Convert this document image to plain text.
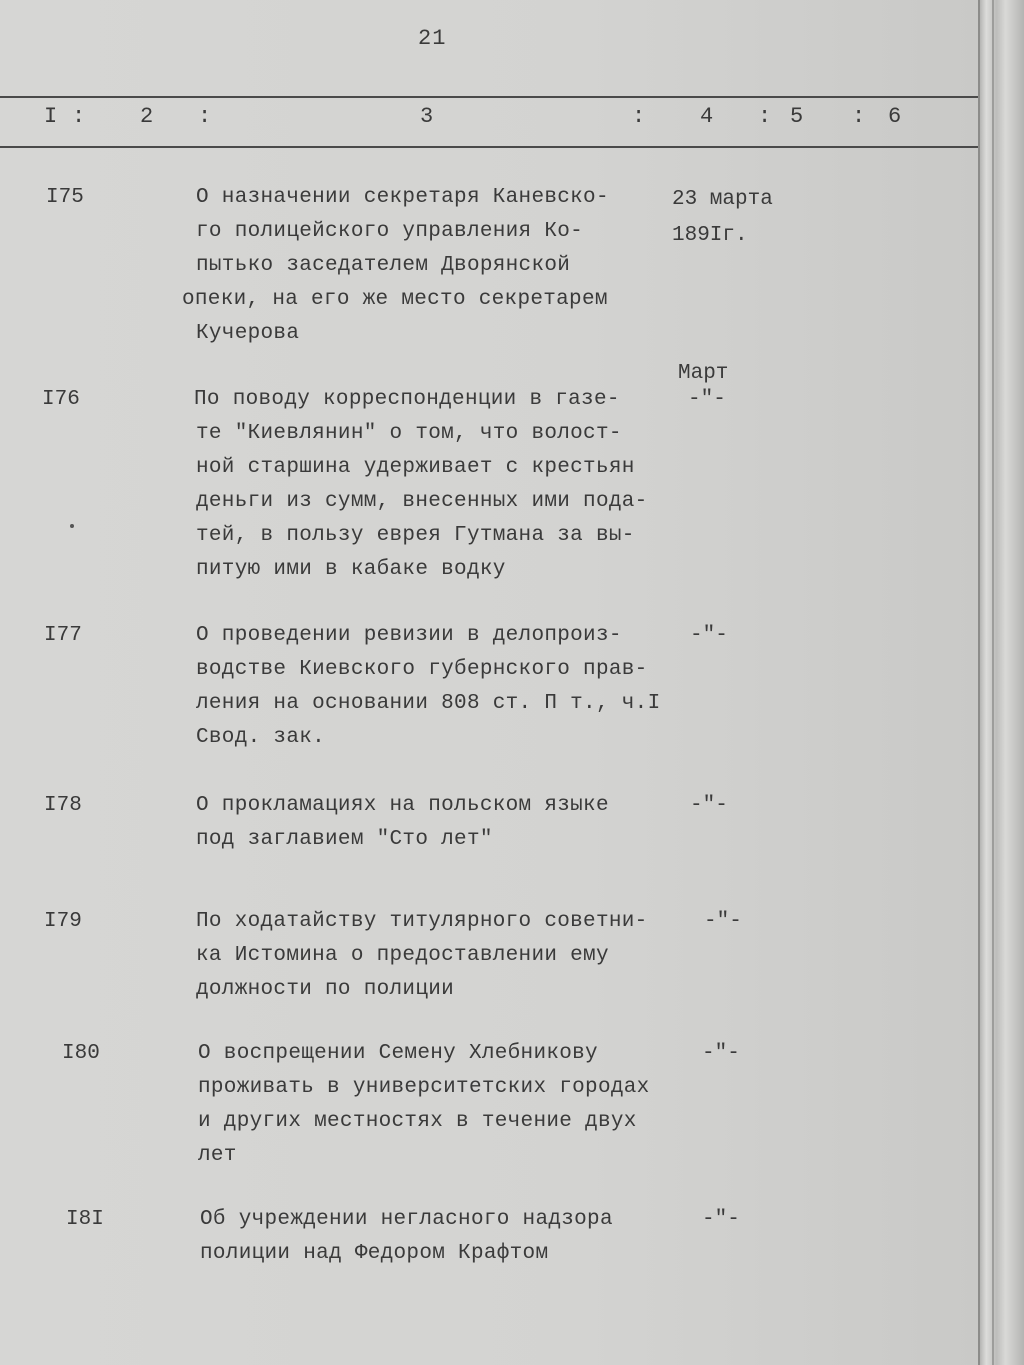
21
I : 2 :	3	: 4 : 5 : 6
I75	О назначении секретаря Каневско-
го полицейского управления Ко-
пытько заседателем Дворянской
опеки, на его же место секретарем
Кучерова
23 марта
189Iг.
I76	По поводу корреспонденции в газе-
те "Киевлянин" о том, что волост-
ной старшина удерживает с крестьян
деньги из сумм, внесенных ими пода-
тей, в пользу еврея Гутмана за вы-
питую ими в кабаке водку
Март
-"-
I77	О проведении ревизии в делопроиз-
водстве Киевского губернского прав-
ления на основании 808 ст. П т., ч.I
Свод. зак.
-"-
I78	О прокламациях на польском языке
под заглавием "Сто лет"
-"-
I79	По ходатайству титулярного советни-
ка Истомина о предоставлении ему
должности по полиции
-"-
I80	О воспрещении Семену Хлебникову
проживать в университетских городах
и других местностях в течение двух
лет
-"-
I8I	Об учреждении негласного надзора
полиции над Федором Крафтом
-"-
